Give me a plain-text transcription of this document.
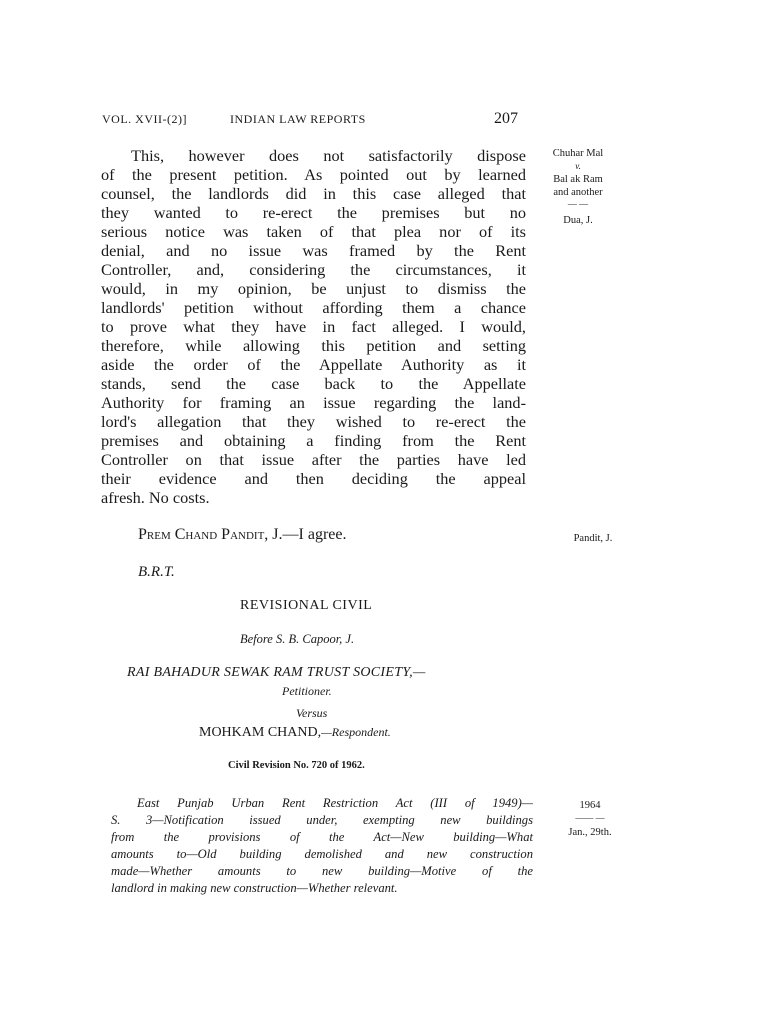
VOL. XVII-(2)]	INDIAN LAW REPORTS	207
Chuhar Mal
v.
Bal ak Ram
and another
— —
Dua, J.
Pandit, J.
1964
—— —
Jan., 29th.
This, however does not satisfactorily dispose
of the present petition. As pointed out by learned
counsel, the landlords did in this case alleged that
they wanted to re-erect the premises but no
serious notice was taken of that plea nor of its
denial, and no issue was framed by the Rent
Controller, and, considering the circumstances, it
would, in my opinion, be unjust to dismiss the
landlords' petition without affording them a chance
to prove what they have in fact alleged. I would,
therefore, while allowing this petition and setting
aside the order of the Appellate Authority as it
stands, send the case back to the Appellate
Authority for framing an issue regarding the land-
lord's allegation that they wished to re-erect the
premises and obtaining a finding from the Rent
Controller on that issue after the parties have led
their evidence and then deciding the appeal
afresh. No costs.
Prem Chand Pandit, J.—I agree.
B.R.T.
REVISIONAL CIVIL
Before S. B. Capoor, J.
RAI BAHADUR SEWAK RAM TRUST SOCIETY,—
Petitioner.
Versus
MOHKAM CHAND,—Respondent.
Civil Revision No. 720 of 1962.
East Punjab Urban Rent Restriction Act (III of 1949)—
S. 3—Notification issued under, exempting new buildings
from the provisions of the Act—New building—What
amounts to—Old building demolished and new construction
made—Whether amounts to new building—Motive of the
landlord in making new construction—Whether relevant.
